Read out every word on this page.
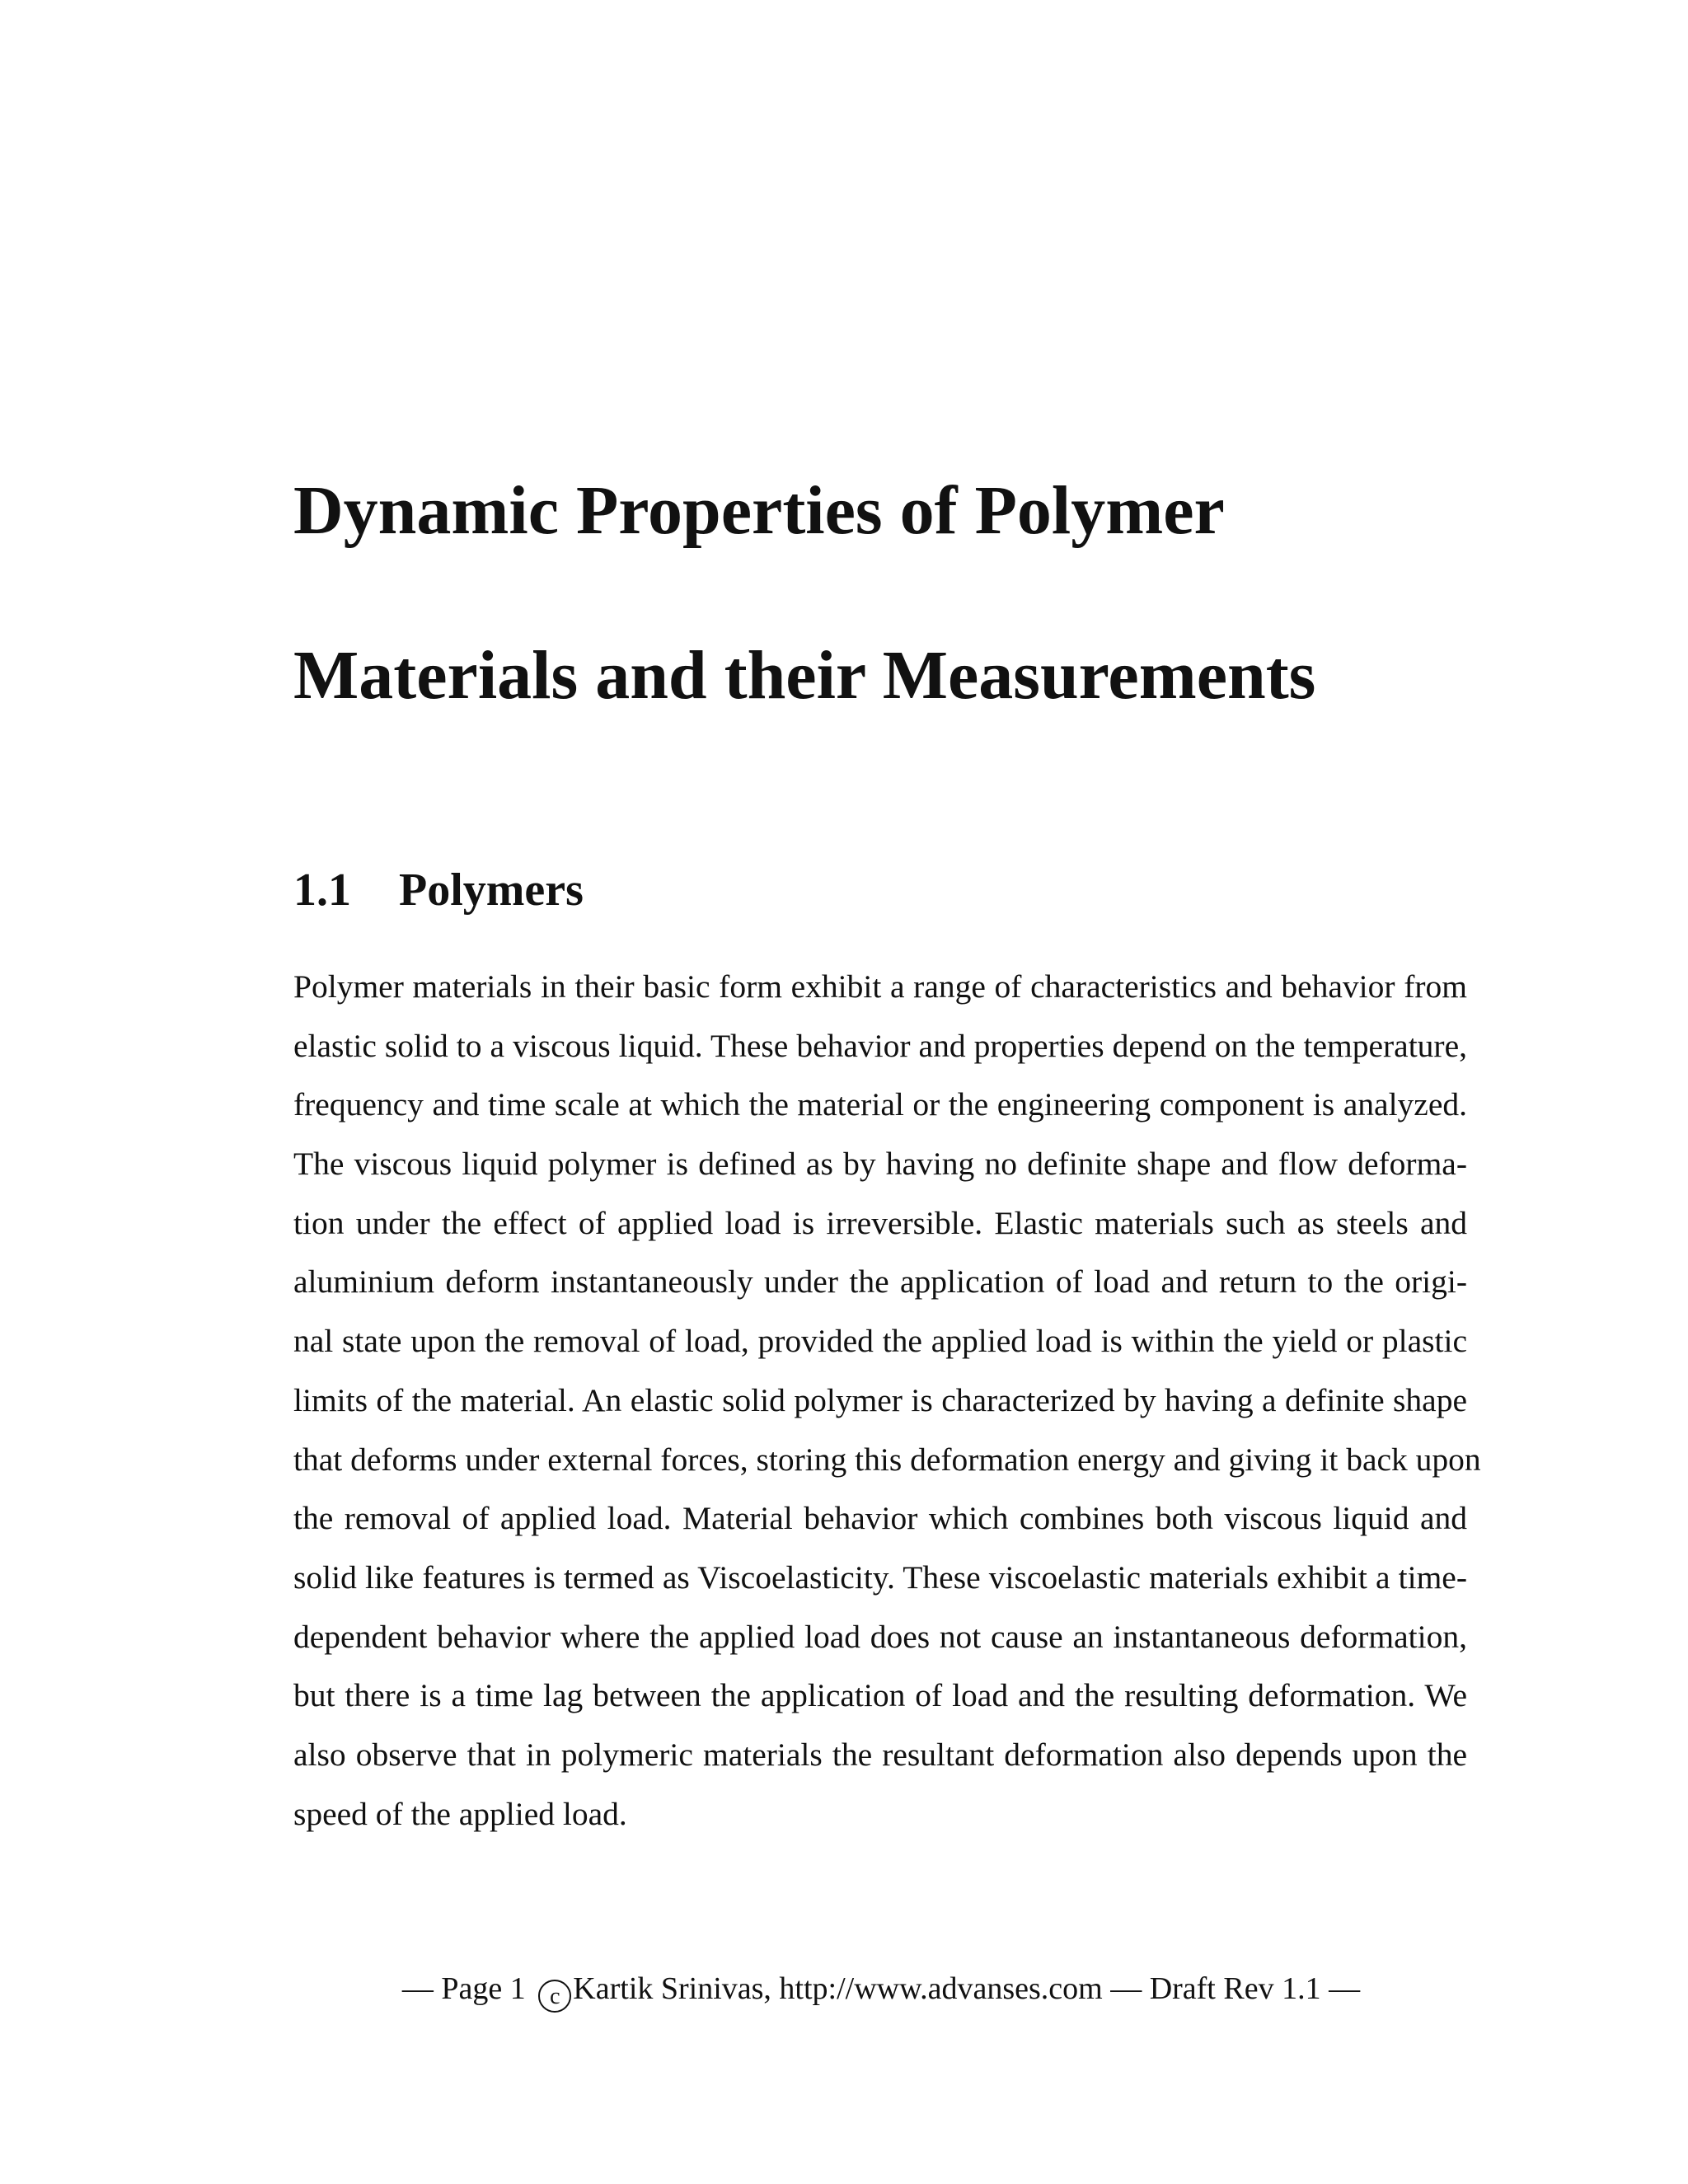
Dynamic Properties of Polymer
Materials and their Measurements
1.1 Polymers
Polymer materials in their basic form exhibit a range of characteristics and behavior from
elastic solid to a viscous liquid. These behavior and properties depend on the temperature,
frequency and time scale at which the material or the engineering component is analyzed.
The viscous liquid polymer is defined as by having no definite shape and flow deforma-
tion under the effect of applied load is irreversible. Elastic materials such as steels and
aluminium deform instantaneously under the application of load and return to the origi-
nal state upon the removal of load, provided the applied load is within the yield or plastic
limits of the material. An elastic solid polymer is characterized by having a definite shape
that deforms under external forces, storing this deformation energy and giving it back upon
the removal of applied load. Material behavior which combines both viscous liquid and
solid like features is termed as Viscoelasticity. These viscoelastic materials exhibit a time-
dependent behavior where the applied load does not cause an instantaneous deformation,
but there is a time lag between the application of load and the resulting deformation. We
also observe that in polymeric materials the resultant deformation also depends upon the
speed of the applied load.
— Page 1 c Kartik Srinivas, http://www.advanses.com — Draft Rev 1.1 —
